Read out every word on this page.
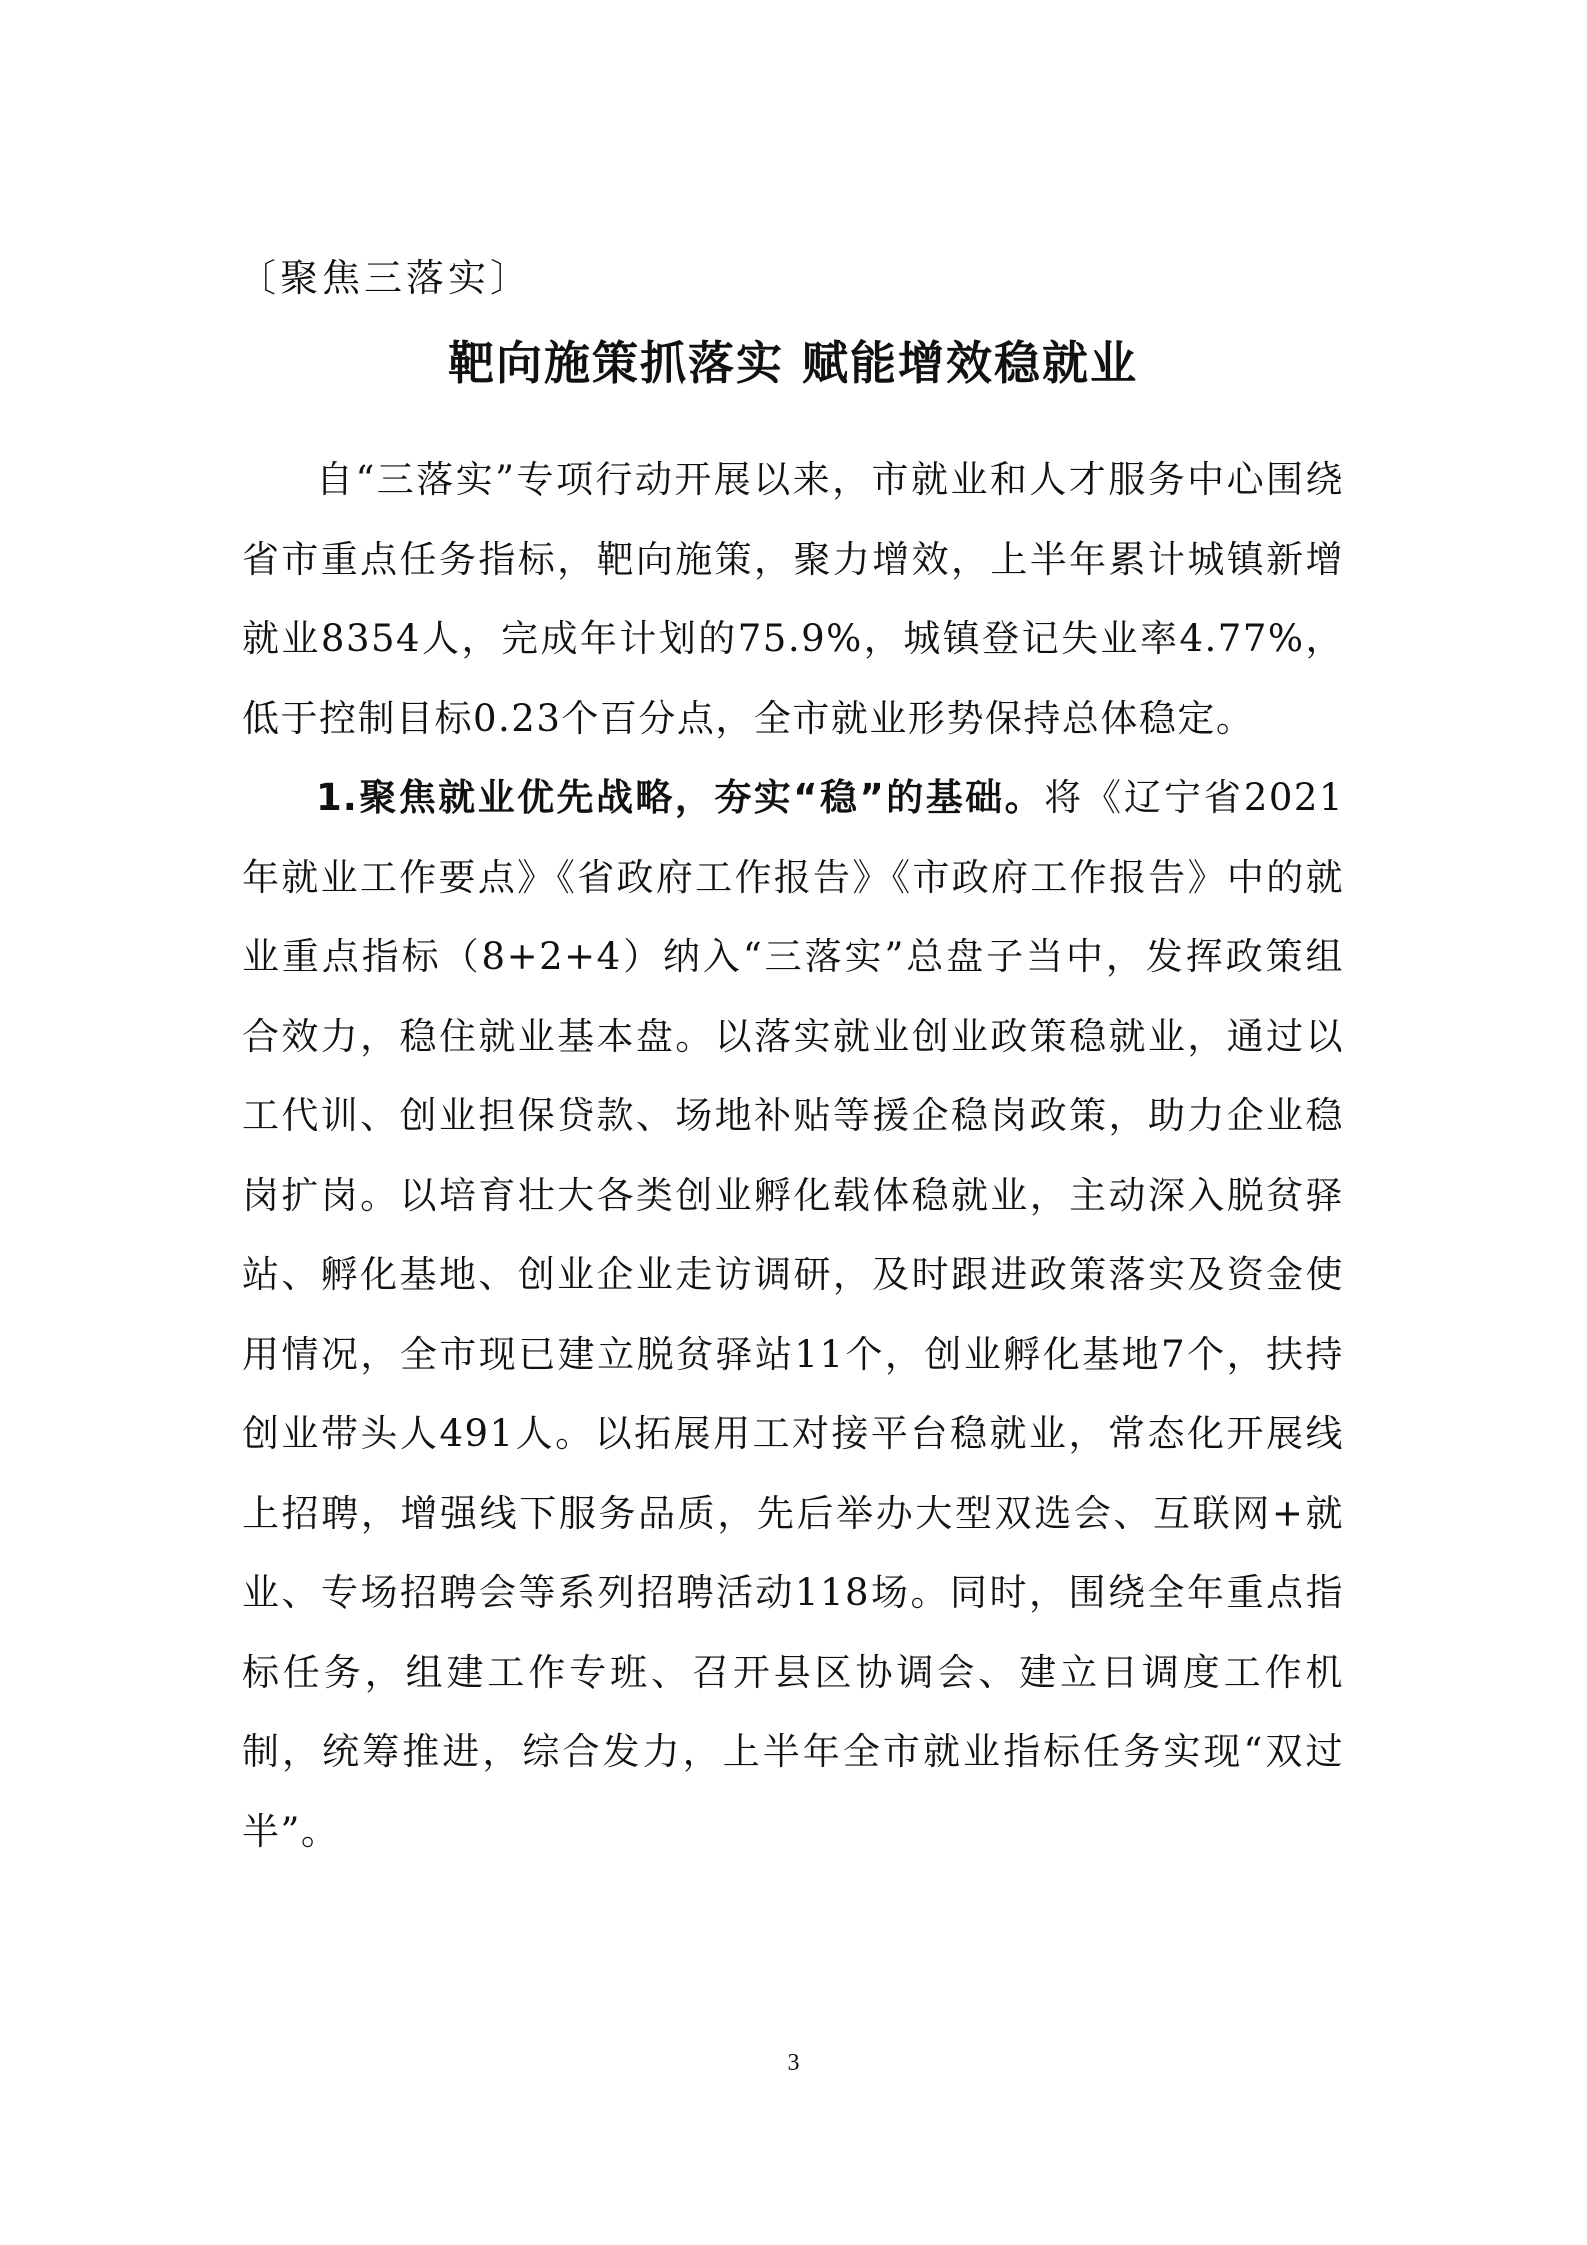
〔聚焦三落实〕
靶向施策抓落实 赋能增效稳就业

自“三落实”专项行动开展以来，市就业和人才服务中心围绕省市重点任务指标，靶向施策，聚力增效，上半年累计城镇新增就业8354人，完成年计划的75.9%，城镇登记失业率4.77%，低于控制目标0.23个百分点，全市就业形势保持总体稳定。

1.聚焦就业优先战略，夯实“稳”的基础。将《辽宁省2021年就业工作要点》《省政府工作报告》《市政府工作报告》中的就业重点指标（8+2+4）纳入“三落实”总盘子当中，发挥政策组合效力，稳住就业基本盘。以落实就业创业政策稳就业，通过以工代训、创业担保贷款、场地补贴等援企稳岗政策，助力企业稳岗扩岗。以培育壮大各类创业孵化载体稳就业，主动深入脱贫驿站、孵化基地、创业企业走访调研，及时跟进政策落实及资金使用情况，全市现已建立脱贫驿站11个，创业孵化基地7个，扶持创业带头人491人。以拓展用工对接平台稳就业，常态化开展线上招聘，增强线下服务品质，先后举办大型双选会、互联网+就业、专场招聘会等系列招聘活动118场。同时，围绕全年重点指标任务，组建工作专班、召开县区协调会、建立日调度工作机制，统筹推进，综合发力，上半年全市就业指标任务实现“双过半”。

3
